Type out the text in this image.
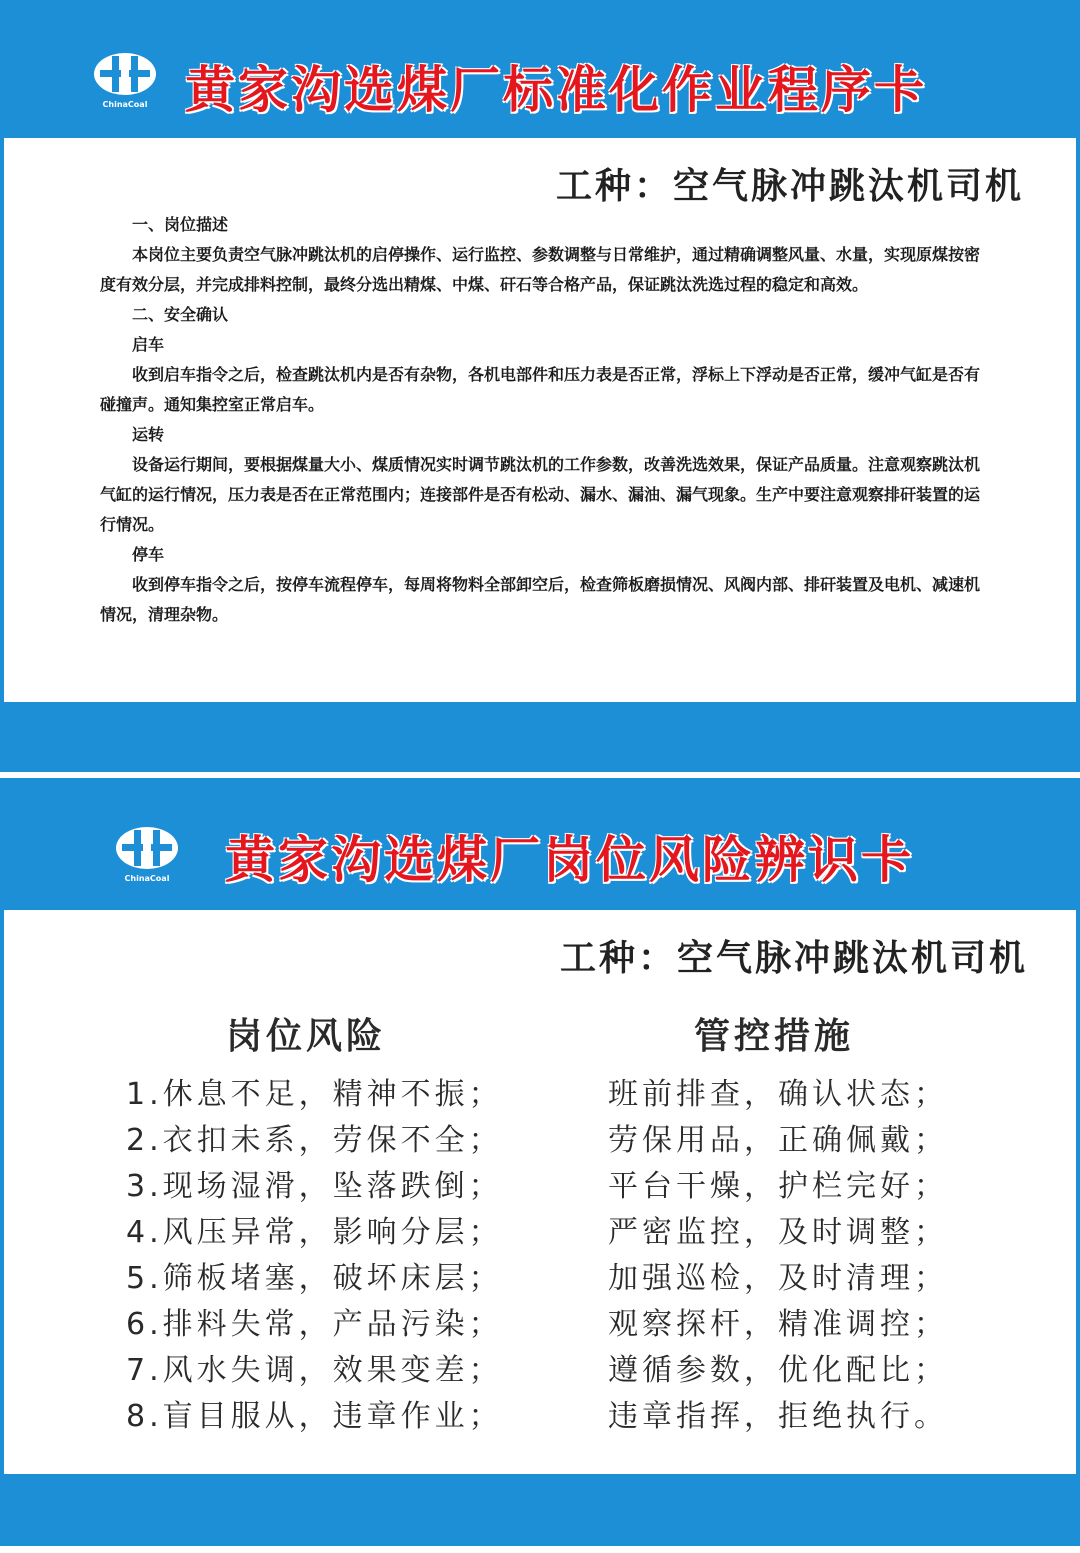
ChinaCoal 黄家沟选煤厂标准化作业程序卡
工种：空气脉冲跳汰机司机

一、岗位描述

本岗位主要负责空气脉冲跳汰机的启停操作、运行监控、参数调整与日常维护，通过精确调整风量、水量，实现原煤按密度有效分层，并完成排料控制，最终分选出精煤、中煤、矸石等合格产品，保证跳汰洗选过程的稳定和高效。

二、安全确认

启车

收到启车指令之后，检查跳汰机内是否有杂物，各机电部件和压力表是否正常，浮标上下浮动是否正常，缓冲气缸是否有碰撞声。通知集控室正常启车。

运转

设备运行期间，要根据煤量大小、煤质情况实时调节跳汰机的工作参数，改善洗选效果，保证产品质量。注意观察跳汰机气缸的运行情况，压力表是否在正常范围内；连接部件是否有松动、漏水、漏油、漏气现象。生产中要注意观察排矸装置的运行情况。

停车

收到停车指令之后，按停车流程停车，每周将物料全部卸空后，检查筛板磨损情况、风阀内部、排矸装置及电机、减速机情况，清理杂物。

ChinaCoal 黄家沟选煤厂岗位风险辨识卡
工种：空气脉冲跳汰机司机
岗位风险	管控措施
1.休息不足，精神不振；
2.衣扣未系，劳保不全；
3.现场湿滑，坠落跌倒；
4.风压异常，影响分层；
5.筛板堵塞，破坏床层；
6.排料失常，产品污染；
7.风水失调，效果变差；
8.盲目服从，违章作业；
班前排查，确认状态；
劳保用品，正确佩戴；
平台干燥，护栏完好；
严密监控，及时调整；
加强巡检，及时清理；
观察探杆，精准调控；
遵循参数，优化配比；
违章指挥，拒绝执行。
